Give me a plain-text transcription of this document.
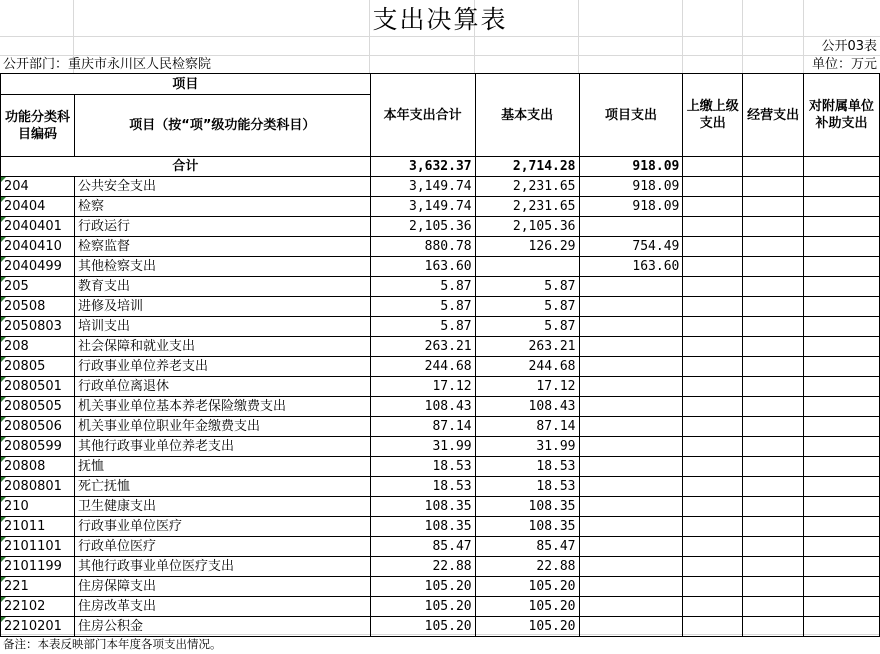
支出决算表
公开03表
公开部门：重庆市永川区人民检察院	单位：万元
项目		本年支出合计	基本支出	项目支出	上缴上级支出	经营支出	对附属单位补助支出
功能分类科目编码	项目（按“项”级功能分类科目）						
合计		3,632.37	2,714.28	918.09			
204	公共安全支出	3,149.74	2,231.65	918.09			
20404	检察	3,149.74	2,231.65	918.09			
2040401	行政运行	2,105.36	2,105.36				
2040410	检察监督	880.78	126.29	754.49			
2040499	其他检察支出	163.60		163.60			
205	教育支出	5.87	5.87				
20508	进修及培训	5.87	5.87				
2050803	培训支出	5.87	5.87				
208	社会保障和就业支出	263.21	263.21				
20805	行政事业单位养老支出	244.68	244.68				
2080501	行政单位离退休	17.12	17.12				
2080505	机关事业单位基本养老保险缴费支出	108.43	108.43				
2080506	机关事业单位职业年金缴费支出	87.14	87.14				
2080599	其他行政事业单位养老支出	31.99	31.99				
20808	抚恤	18.53	18.53				
2080801	死亡抚恤	18.53	18.53				
210	卫生健康支出	108.35	108.35				
21011	行政事业单位医疗	108.35	108.35				
2101101	行政单位医疗	85.47	85.47				
2101199	其他行政事业单位医疗支出	22.88	22.88				
221	住房保障支出	105.20	105.20				
22102	住房改革支出	105.20	105.20				
2210201	住房公积金	105.20	105.20				
备注：本表反映部门本年度各项支出情况。
